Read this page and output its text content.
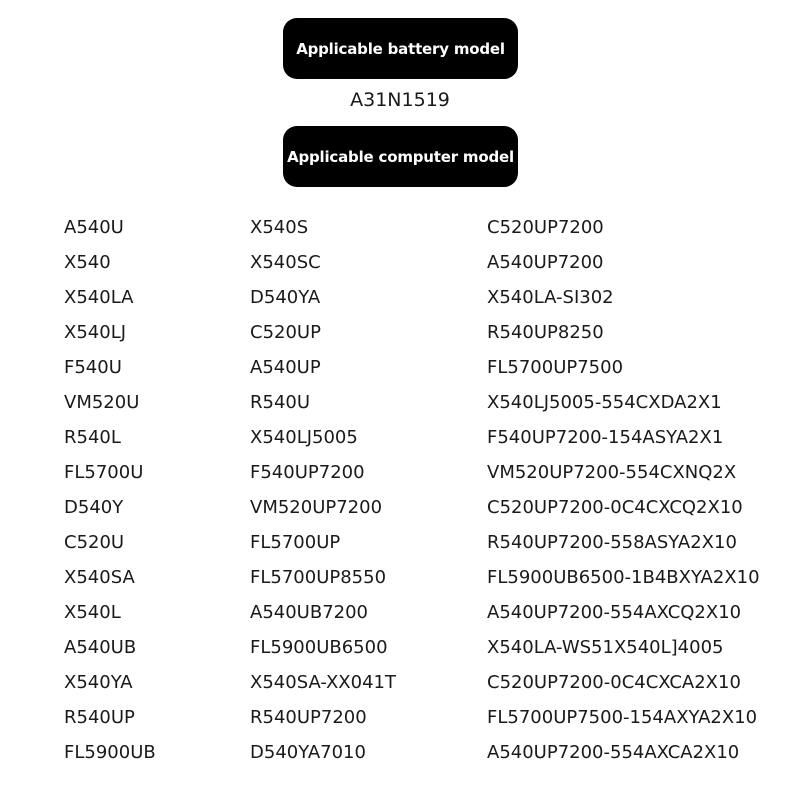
Applicable battery model
A31N1519
Applicable computer model
A540U
X540
X540LA
X540LJ
F540U
VM520U
R540L
FL5700U
D540Y
C520U
X540SA
X540L
A540UB
X540YA
R540UP
FL5900UB
X540S
X540SC
D540YA
C520UP
A540UP
R540U
X540LJ5005
F540UP7200
VM520UP7200
FL5700UP
FL5700UP8550
A540UB7200
FL5900UB6500
X540SA-XX041T
R540UP7200
D540YA7010
C520UP7200
A540UP7200
X540LA-SI302
R540UP8250
FL5700UP7500
X540LJ5005-554CXDA2X1
F540UP7200-154ASYA2X1
VM520UP7200-554CXNQ2X
C520UP7200-0C4CXCQ2X10
R540UP7200-558ASYA2X10
FL5900UB6500-1B4BXYA2X10
A540UP7200-554AXCQ2X10
X540LA-WS51X540L]4005
C520UP7200-0C4CXCA2X10
FL5700UP7500-154AXYA2X10
A540UP7200-554AXCA2X10
